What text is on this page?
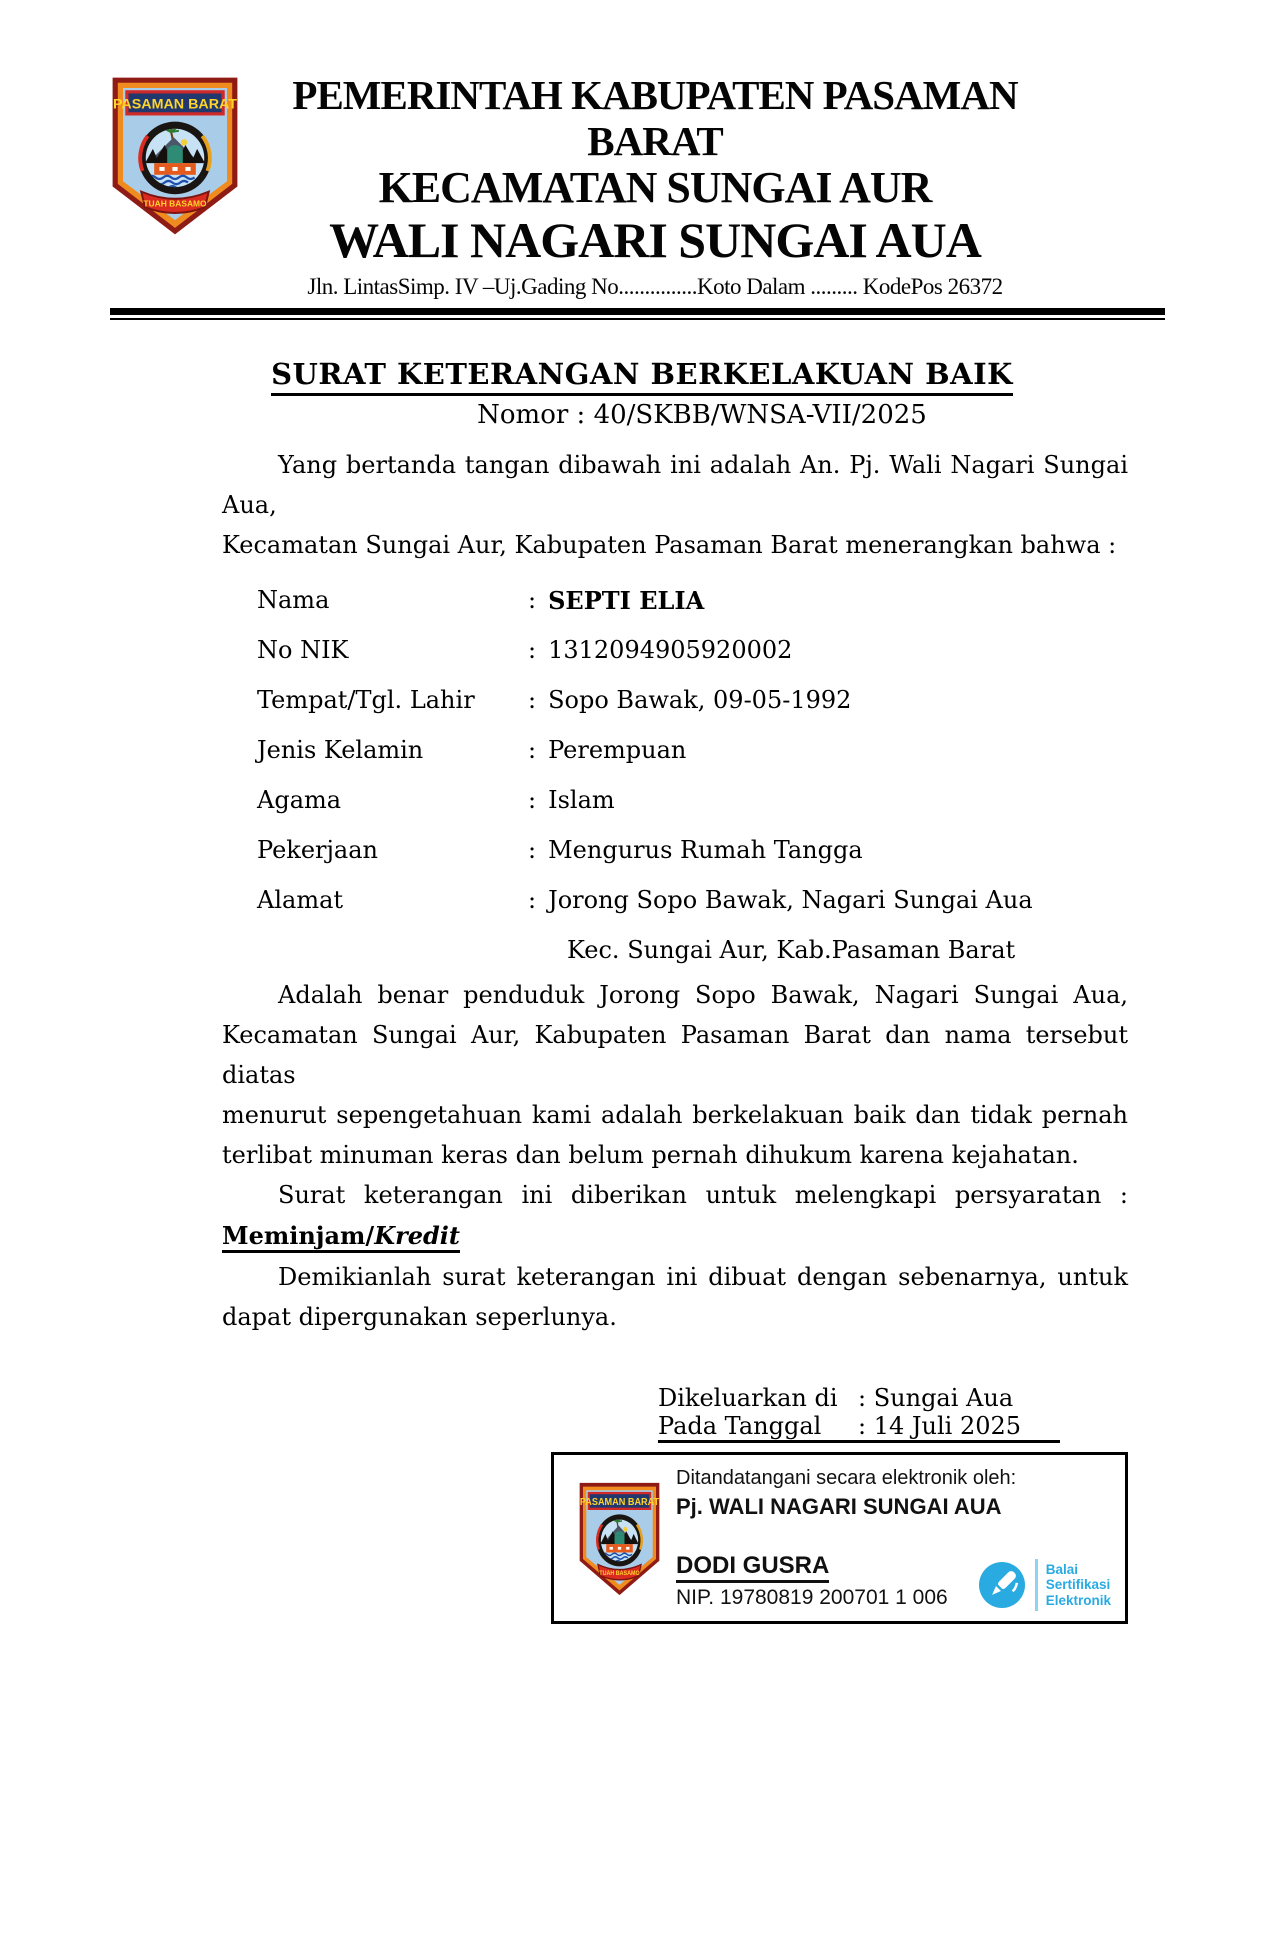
PEMERINTAH KABUPATEN PASAMAN BARAT
KECAMATAN SUNGAI AUR
WALI NAGARI SUNGAI AUA
Jln. LintasSimp. IV –Uj.Gading No...............Koto Dalam ......... KodePos 26372
SURAT KETERANGAN BERKELAKUAN BAIK
Nomor : 40/SKBB/WNSA-VII/2025
Yang bertanda tangan dibawah ini adalah An. Pj. Wali Nagari Sungai Aua,
Kecamatan Sungai Aur, Kabupaten Pasaman Barat menerangkan bahwa :
Nama	: SEPTI ELIA
No NIK	: 1312094905920002
Tempat/Tgl. Lahir	: Sopo Bawak, 09-05-1992
Jenis Kelamin	: Perempuan
Agama	: Islam
Pekerjaan	: Mengurus Rumah Tangga
Alamat	: Jorong Sopo Bawak, Nagari Sungai Aua
Kec. Sungai Aur, Kab.Pasaman Barat
Adalah benar penduduk Jorong Sopo Bawak, Nagari Sungai Aua,
Kecamatan Sungai Aur, Kabupaten Pasaman Barat dan nama tersebut diatas
menurut sepengetahuan kami adalah berkelakuan baik dan tidak pernah
terlibat minuman keras dan belum pernah dihukum karena kejahatan.
Surat keterangan ini diberikan untuk melengkapi persyaratan :
Meminjam/Kredit
Demikianlah surat keterangan ini dibuat dengan sebenarnya, untuk
dapat dipergunakan seperlunya.
Dikeluarkan di : Sungai Aua
Pada Tanggal	: 14 Juli 2025
Ditandatangani secara elektronik oleh:
Pj. WALI NAGARI SUNGAI AUA
DODI GUSRA
NIP. 19780819 200701 1 006
Balai
Sertifikasi
Elektronik
